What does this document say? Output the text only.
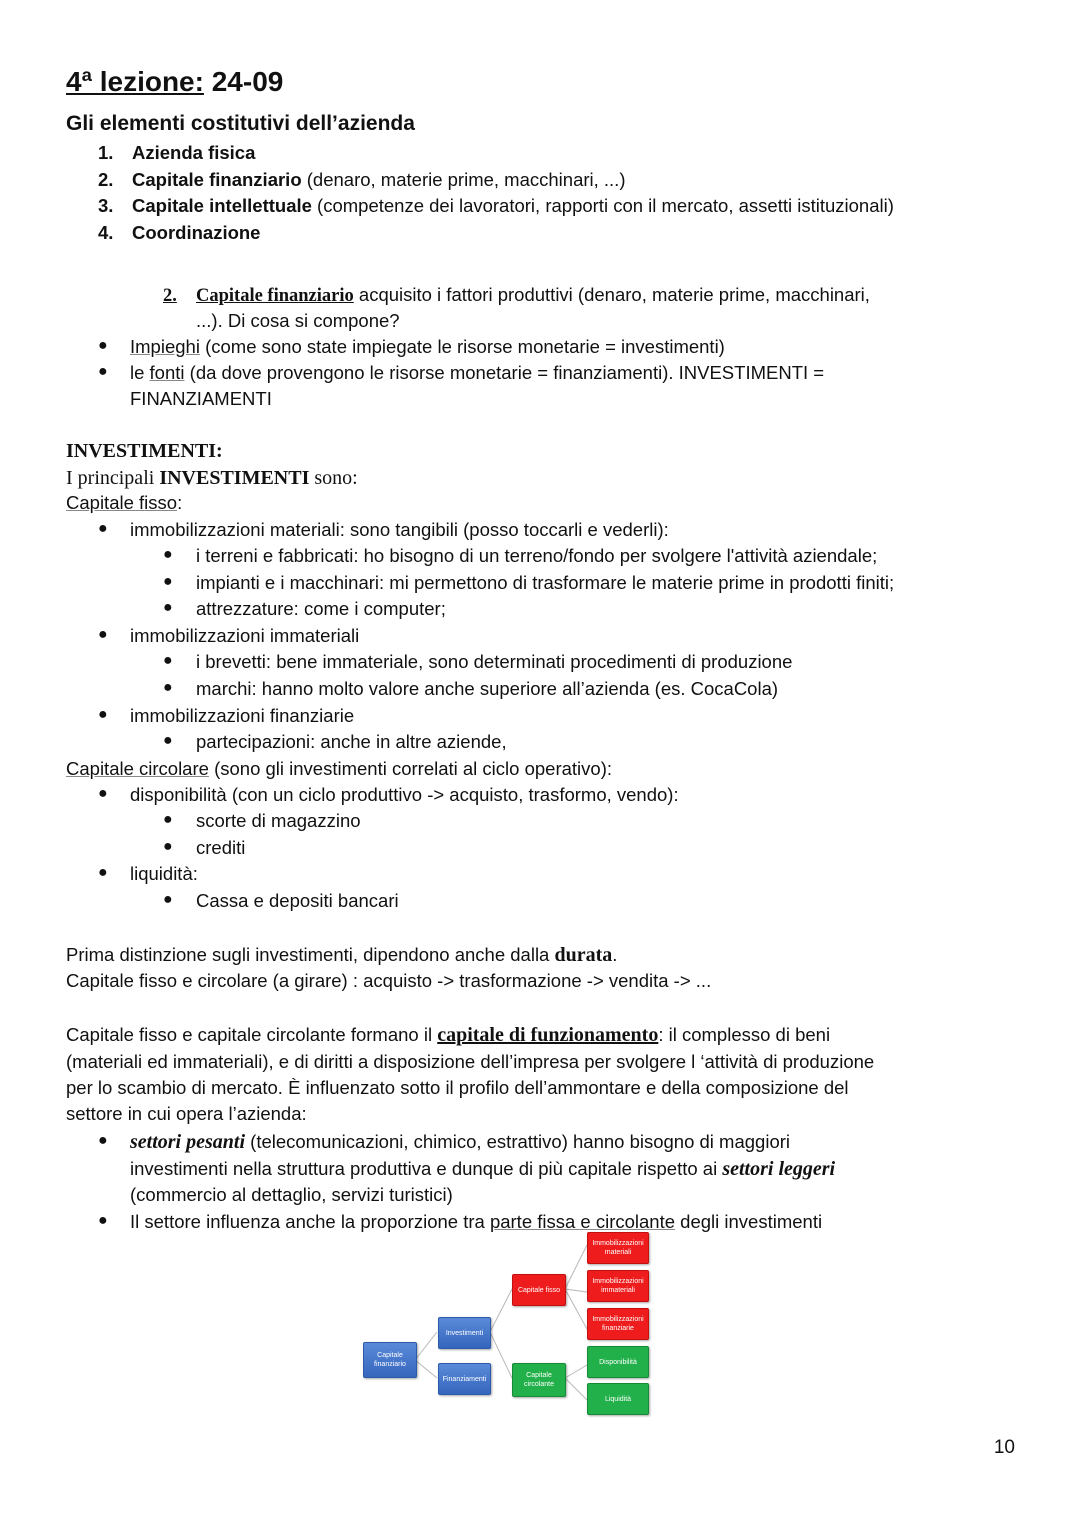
4ª lezione: 24-09
Gli elementi costitutivi dell’azienda
1. Azienda fisica
2. Capitale finanziario (denaro, materie prime, macchinari, ...)
3. Capitale intellettuale (competenze dei lavoratori, rapporti con il mercato, assetti istituzionali)
4. Coordinazione
2. Capitale finanziario acquisito i fattori produttivi (denaro, materie prime, macchinari,
...). Di cosa si compone?
● Impieghi (come sono state impiegate le risorse monetarie = investimenti)
● le fonti (da dove provengono le risorse monetarie = finanziamenti). INVESTIMENTI =
FINANZIAMENTI
INVESTIMENTI:
I principali INVESTIMENTI sono:
Capitale fisso:
● immobilizzazioni materiali: sono tangibili (posso toccarli e vederli):
● i terreni e fabbricati: ho bisogno di un terreno/fondo per svolgere l'attività aziendale;
● impianti e i macchinari: mi permettono di trasformare le materie prime in prodotti finiti;
● attrezzature: come i computer;
● immobilizzazioni immateriali
● i brevetti: bene immateriale, sono determinati procedimenti di produzione
● marchi: hanno molto valore anche superiore all’azienda (es. CocaCola)
● immobilizzazioni finanziarie
● partecipazioni: anche in altre aziende,
Capitale circolare (sono gli investimenti correlati al ciclo operativo):
● disponibilità (con un ciclo produttivo -> acquisto, trasformo, vendo):
● scorte di magazzino
● crediti
● liquidità:
● Cassa e depositi bancari
Prima distinzione sugli investimenti, dipendono anche dalla durata.
Capitale fisso e circolare (a girare) : acquisto -> trasformazione -> vendita -> ...
Capitale fisso e capitale circolante formano il capitale di funzionamento: il complesso di beni
(materiali ed immateriali), e di diritti a disposizione dell’impresa per svolgere l ‘attività di produzione
per lo scambio di mercato. È influenzato sotto il profilo dell’ammontare e della composizione del
settore in cui opera l’azienda:
● settori pesanti (telecomunicazioni, chimico, estrattivo) hanno bisogno di maggiori
investimenti nella struttura produttiva e dunque di più capitale rispetto ai settori leggeri
(commercio al dettaglio, servizi turistici)
● Il settore influenza anche la proporzione tra parte fissa e circolante degli investimenti
Capitale finanziario
Investimenti
Finanziamenti
Capitale fisso
Capitale circolante
Immobilizzazioni materiali
Immobilizzazioni immateriali
Immobilizzazioni finanziarie
Disponibilità
Liquidità
10
